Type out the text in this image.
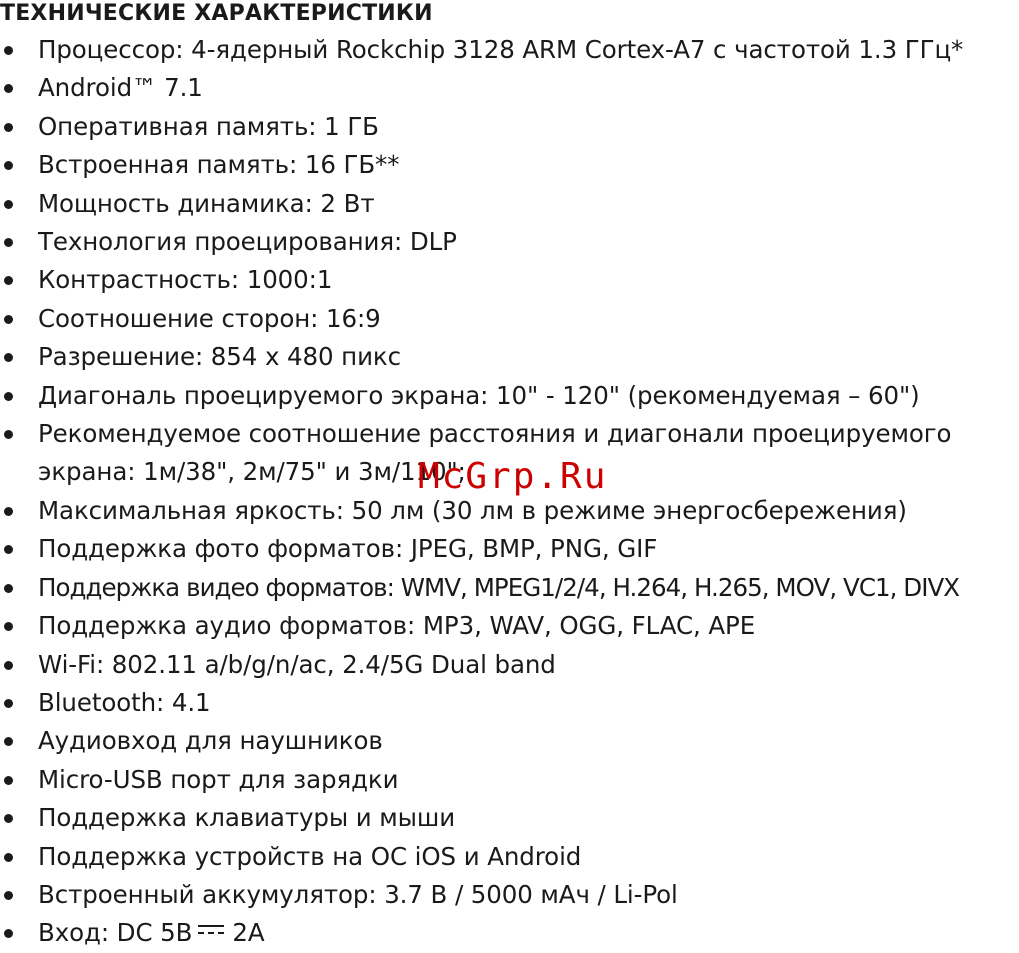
ТЕХНИЧЕСКИЕ ХАРАКТЕРИСТИКИ
Процессор: 4-ядерный Rockchip 3128 ARM Cortex-A7 с частотой 1.3 ГГц*
Android™ 7.1
Оперативная память: 1 ГБ
Встроенная память: 16 ГБ**
Мощность динамика: 2 Вт
Технология проецирования: DLP
Контрастность: 1000:1
Соотношение сторон: 16:9
Разрешение: 854 х 480 пикс
Диагональ проецируемого экрана: 10" - 120" (рекомендуемая – 60")
Рекомендуемое соотношение расстояния и диагонали проецируемого экрана: 1м/38", 2м/75" и 3м/110";
Максимальная яркость: 50 лм (30 лм в режиме энергосбережения)
Поддержка фото форматов: JPEG, BMP, PNG, GIF
Поддержка видео форматов: WMV, MPEG1/2/4, H.264, H.265, MOV, VC1, DIVX
Поддержка аудио форматов: MP3, WAV, OGG, FLAC, APE
Wi-Fi: 802.11 a/b/g/n/ac, 2.4/5G Dual band
Bluetooth: 4.1
Аудиовход для наушников
Micro-USB порт для зарядки
Поддержка клавиатуры и мыши
Поддержка устройств на ОС iOS и Android
Встроенный аккумулятор: 3.7 В / 5000 мАч / Li-Pol
Вход: DC 5В 2А
McGrp.Ru
